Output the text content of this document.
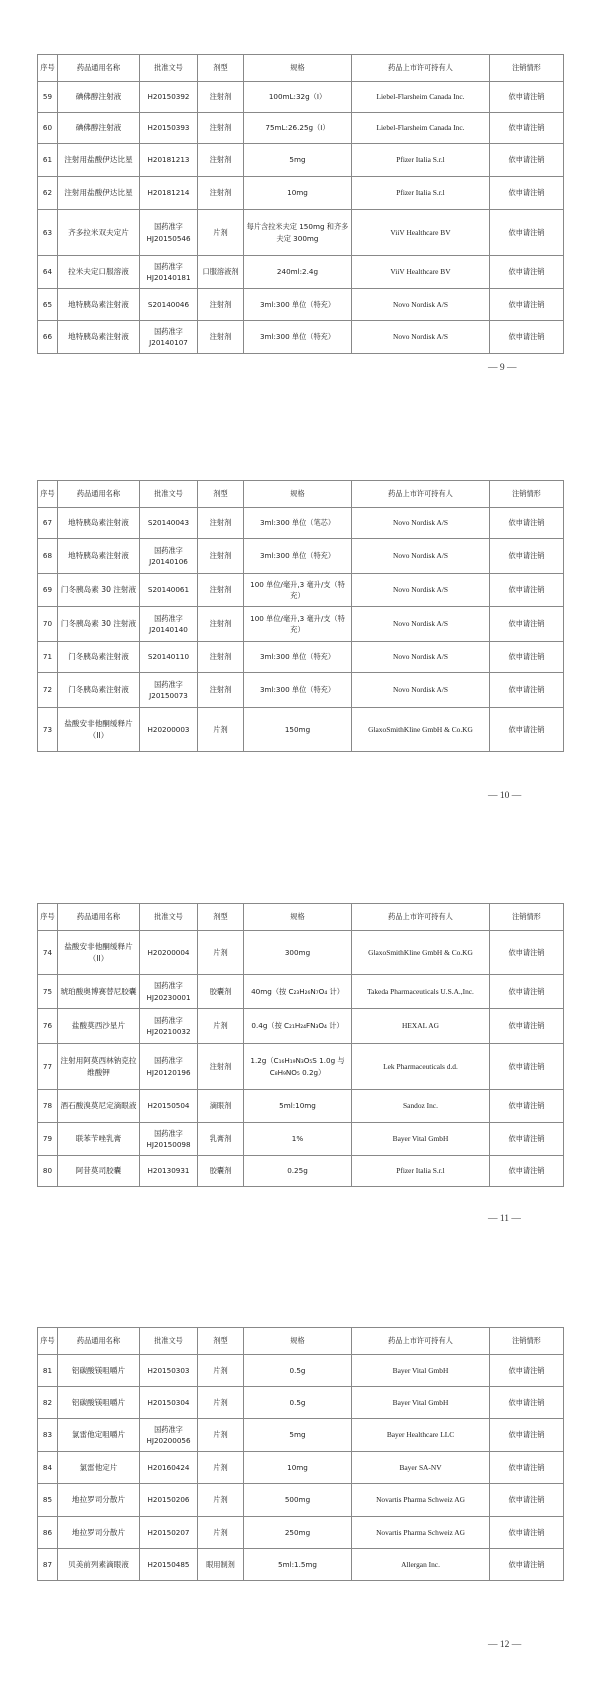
序号	药品通用名称	批准文号	剂型	规格	药品上市许可持有人	注销情形
59	碘佛醇注射液	H20150392	注射剂	100mL:32g（I）	Liebel-Flarsheim Canada Inc.	依申请注销
60	碘佛醇注射液	H20150393	注射剂	75mL:26.25g（I）	Liebel-Flarsheim Canada Inc.	依申请注销
61	注射用盐酸伊达比星	H20181213	注射剂	5mg	Pfizer Italia S.r.l	依申请注销
62	注射用盐酸伊达比星	H20181214	注射剂	10mg	Pfizer Italia S.r.l	依申请注销
63	齐多拉米双夫定片	国药准字 HJ20150546	片剂	每片含拉米夫定 150mg 和齐多夫定 300mg	ViiV Healthcare BV	依申请注销
64	拉米夫定口服溶液	国药准字 HJ20140181	口服溶液剂	240ml:2.4g	ViiV Healthcare BV	依申请注销
65	地特胰岛素注射液	S20140046	注射剂	3ml:300 单位（特充）	Novo Nordisk A/S	依申请注销
66	地特胰岛素注射液	国药准字 J20140107	注射剂	3ml:300 单位（特充）	Novo Nordisk A/S	依申请注销
— 9 —
序号	药品通用名称	批准文号	剂型	规格	药品上市许可持有人	注销情形
67	地特胰岛素注射液	S20140043	注射剂	3ml:300 单位（笔芯）	Novo Nordisk A/S	依申请注销
68	地特胰岛素注射液	国药准字 J20140106	注射剂	3ml:300 单位（特充）	Novo Nordisk A/S	依申请注销
69	门冬胰岛素 30 注射液	S20140061	注射剂	100 单位/毫升,3 毫升/支（特充）	Novo Nordisk A/S	依申请注销
70	门冬胰岛素 30 注射液	国药准字 J20140140	注射剂	100 单位/毫升,3 毫升/支（特充）	Novo Nordisk A/S	依申请注销
71	门冬胰岛素注射液	S20140110	注射剂	3ml:300 单位（特充）	Novo Nordisk A/S	依申请注销
72	门冬胰岛素注射液	国药准字 J20150073	注射剂	3ml:300 单位（特充）	Novo Nordisk A/S	依申请注销
73	盐酸安非他酮缓释片（II）	H20200003	片剂	150mg	GlaxoSmithKline GmbH & Co.KG	依申请注销
— 10 —
序号	药品通用名称	批准文号	剂型	规格	药品上市许可持有人	注销情形
74	盐酸安非他酮缓释片（II）	H20200004	片剂	300mg	GlaxoSmithKline GmbH & Co.KG	依申请注销
75	琥珀酸奥博赛替尼胶囊	国药准字 HJ20230001	胶囊剂	40mg（按 C₂₃H₂₆N₇O₄ 计）	Takeda Pharmaceuticals U.S.A.,Inc.	依申请注销
76	盐酸莫西沙星片	国药准字 HJ20210032	片剂	0.4g（按 C₂₁H₂₄FN₃O₄ 计）	HEXAL AG	依申请注销
77	注射用阿莫西林钠克拉维酸钾	国药准字 HJ20120196	注射剂	1.2g（C₁₆H₁₉N₃O₅S 1.0g 与 C₈H₉NO₅ 0.2g）	Lek Pharmaceuticals d.d.	依申请注销
78	酒石酸溴莫尼定滴眼液	H20150504	滴眼剂	5ml:10mg	Sandoz Inc.	依申请注销
79	联苯苄唑乳膏	国药准字 HJ20150098	乳膏剂	1%	Bayer Vital GmbH	依申请注销
80	阿昔莫司胶囊	H20130931	胶囊剂	0.25g	Pfizer Italia S.r.l	依申请注销
— 11 —
序号	药品通用名称	批准文号	剂型	规格	药品上市许可持有人	注销情形
81	铝碳酸镁咀嚼片	H20150303	片剂	0.5g	Bayer Vital GmbH	依申请注销
82	铝碳酸镁咀嚼片	H20150304	片剂	0.5g	Bayer Vital GmbH	依申请注销
83	氯雷他定咀嚼片	国药准字 HJ20200056	片剂	5mg	Bayer Healthcare LLC	依申请注销
84	氯雷他定片	H20160424	片剂	10mg	Bayer SA-NV	依申请注销
85	地拉罗司分散片	H20150206	片剂	500mg	Novartis Pharma Schweiz AG	依申请注销
86	地拉罗司分散片	H20150207	片剂	250mg	Novartis Pharma Schweiz AG	依申请注销
87	贝美前列素滴眼液	H20150485	眼用制剂	5ml:1.5mg	Allergan Inc.	依申请注销
— 12 —
